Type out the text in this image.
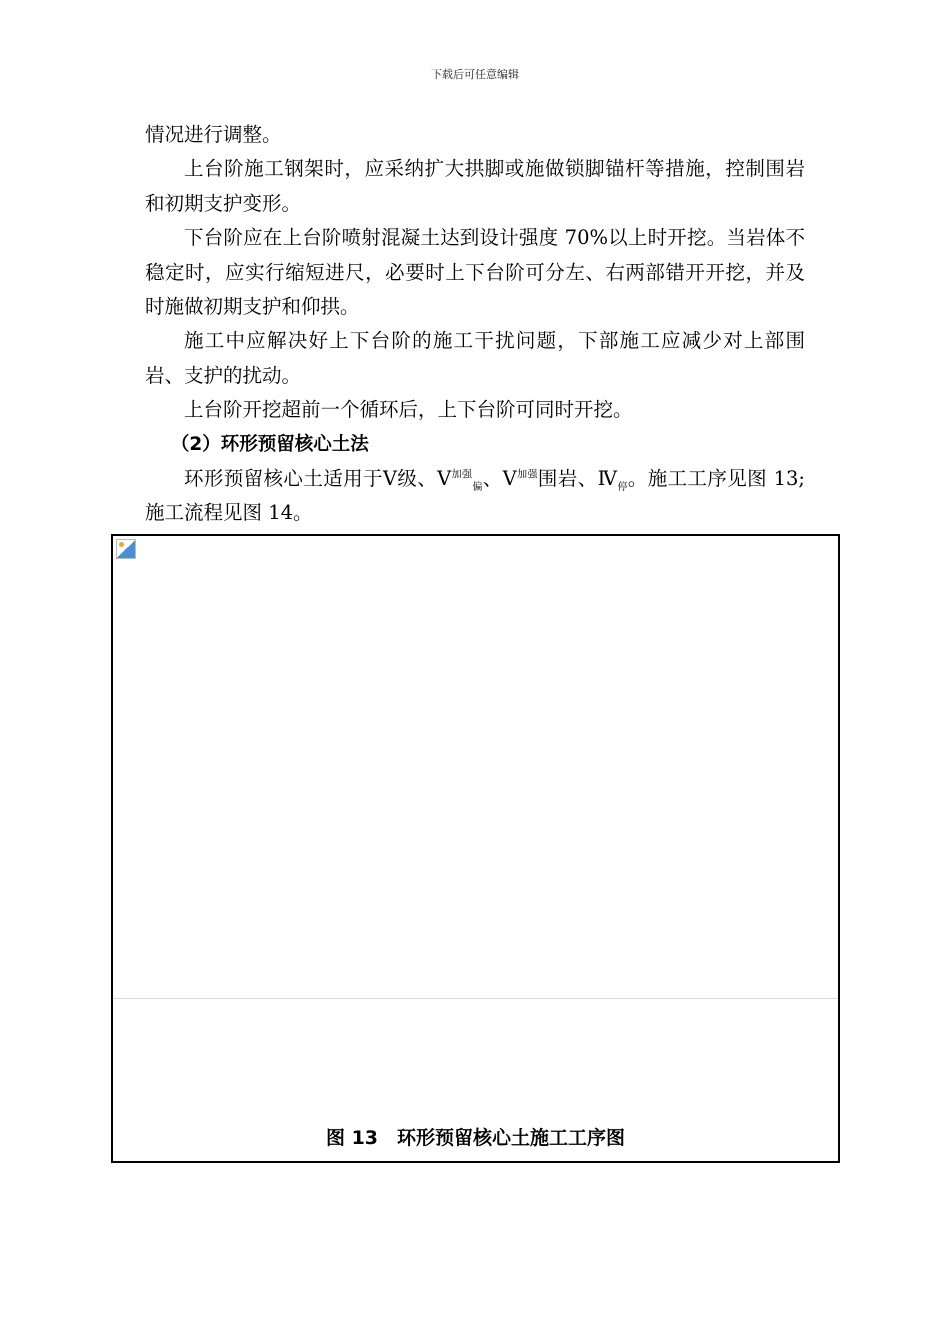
下载后可任意编辑

情况进行调整。

上台阶施工钢架时，应采纳扩大拱脚或施做锁脚锚杆等措施，控制围岩和初期支护变形。

下台阶应在上台阶喷射混凝土达到设计强度 70%以上时开挖。当岩体不稳定时，应实行缩短进尺，必要时上下台阶可分左、右两部错开开挖，并及时施做初期支护和仰拱。

施工中应解决好上下台阶的施工干扰问题，下部施工应减少对上部围岩、支护的扰动。

上台阶开挖超前一个循环后，上下台阶可同时开挖。

（2）环形预留核心土法

环形预留核心土适用于Ⅴ级、Ⅴ$^{加强}_偏$、Ⅴ$^{加强}$围岩、$Ⅳ_停$。施工工序见图 13; 施工流程见图 14。

图 13　环形预留核心土施工工序图
